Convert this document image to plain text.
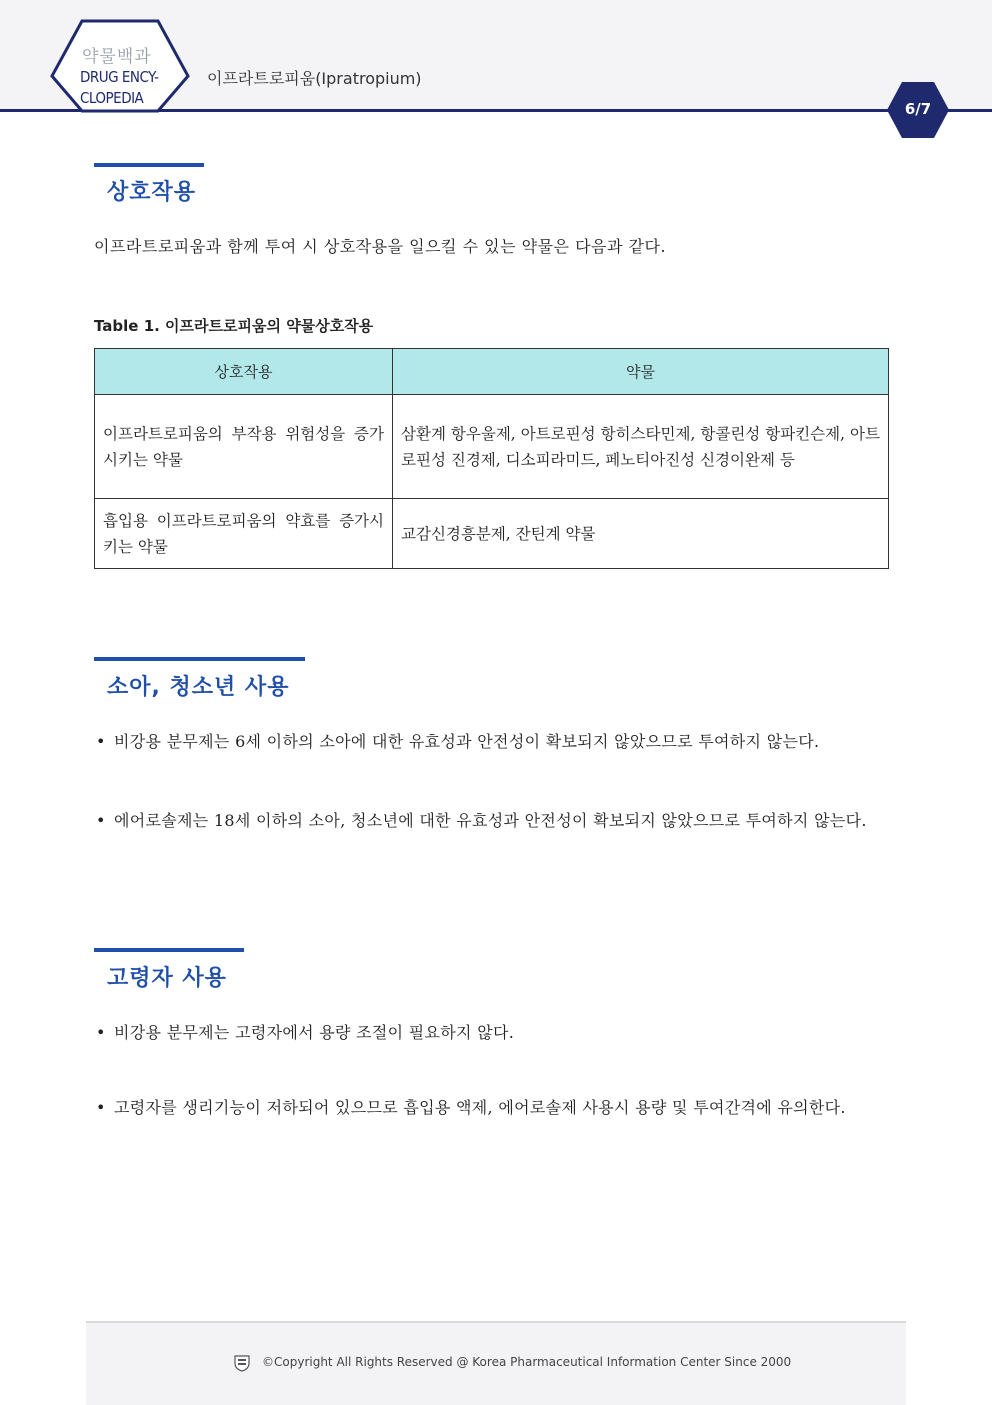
약물백과
DRUG ENCY-CLOPEDIA
이프라트로피움(Ipratropium)
6/7
상호작용
이프라트로피움과 함께 투여 시 상호작용을 일으킬 수 있는 약물은 다음과 같다.
Table 1. 이프라트로피움의 약물상호작용
상호작용	약물
이프라트로피움의 부작용 위험성을 증가시키는 약물	삼환계 항우울제, 아트로핀성 항히스타민제, 항콜린성 항파킨슨제, 아트로핀성 진경제, 디소피라미드, 페노티아진성 신경이완제 등
흡입용 이프라트로피움의 약효를 증가시키는 약물	교감신경흥분제, 잔틴계 약물
소아, 청소년 사용
• 비강용 분무제는 6세 이하의 소아에 대한 유효성과 안전성이 확보되지 않았으므로 투여하지 않는다.
• 에어로솔제는 18세 이하의 소아, 청소년에 대한 유효성과 안전성이 확보되지 않았으므로 투여하지 않는다.
고령자 사용
• 비강용 분무제는 고령자에서 용량 조절이 필요하지 않다.
• 고령자를 생리기능이 저하되어 있으므로 흡입용 액제, 에어로솔제 사용시 용량 및 투여간격에 유의한다.
©Copyright All Rights Reserved @ Korea Pharmaceutical Information Center Since 2000
